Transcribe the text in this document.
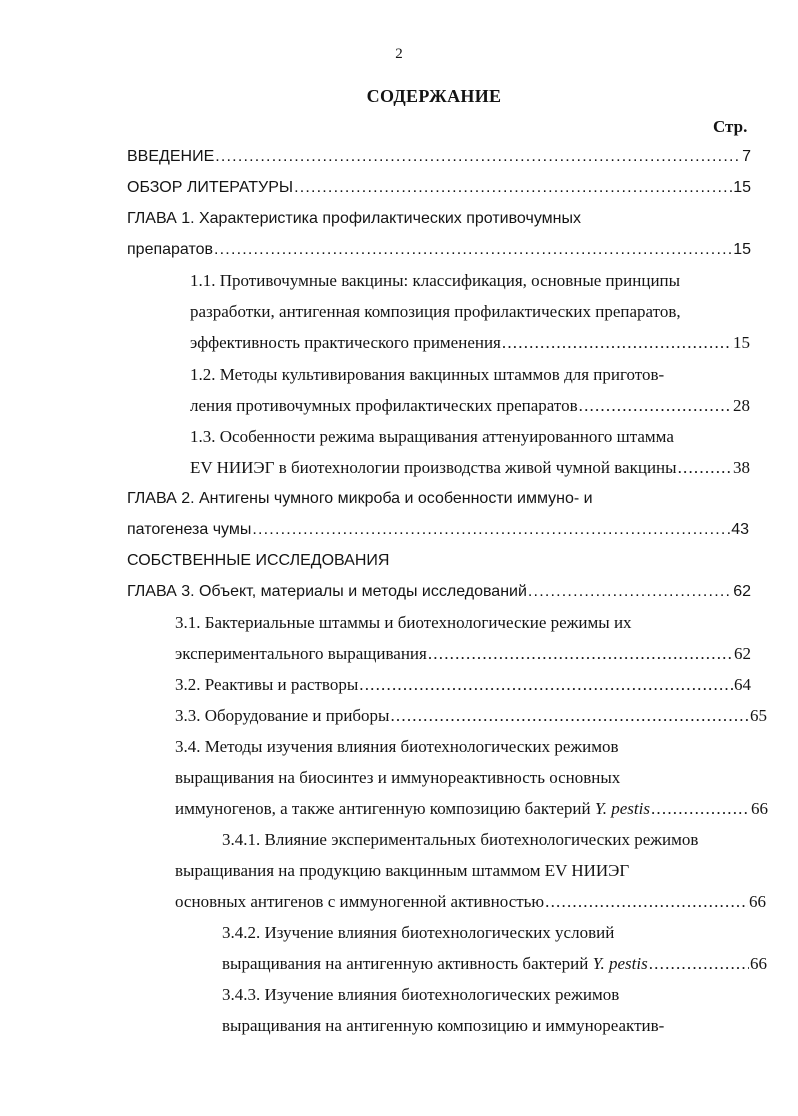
2
СОДЕРЖАНИЕ
Стр.
ВВЕДЕНИЕ .....	7
ОБЗОР ЛИТЕРАТУРЫ .....	15
ГЛАВА 1. Характеристика профилактических противочумных
препаратов .....	15
1.1. Противочумные вакцины: классификация, основные принципы
разработки, антигенная композиция профилактических препаратов,
эффективность практического применения .....	15
1.2. Методы культивирования вакцинных штаммов для приготов-
ления противочумных профилактических препаратов .....	28
1.3. Особенности режима выращивания аттенуированного штамма
EV НИИЭГ в биотехнологии производства живой чумной вакцины .....	38
ГЛАВА 2. Антигены чумного микроба и особенности иммуно- и
патогенеза чумы .....	43
СОБСТВЕННЫЕ ИССЛЕДОВАНИЯ
ГЛАВА 3. Объект, материалы и методы исследований .....	62
3.1. Бактериальные штаммы и биотехнологические режимы их
экспериментального выращивания .....	62
3.2. Реактивы и растворы .....	64
3.3. Оборудование и приборы .....	65
3.4. Методы изучения влияния биотехнологических режимов
выращивания на биосинтез и иммунореактивность основных
иммуногенов, а также антигенную композицию бактерий Y. pestis .....	66
3.4.1. Влияние экспериментальных биотехнологических режимов
выращивания на продукцию вакцинным штаммом EV НИИЭГ
основных антигенов с иммуногенной активностью .....	66
3.4.2. Изучение влияния биотехнологических условий
выращивания на антигенную активность бактерий Y. pestis .....	66
3.4.3. Изучение влияния биотехнологических режимов
выращивания на антигенную композицию и иммунореактив-
